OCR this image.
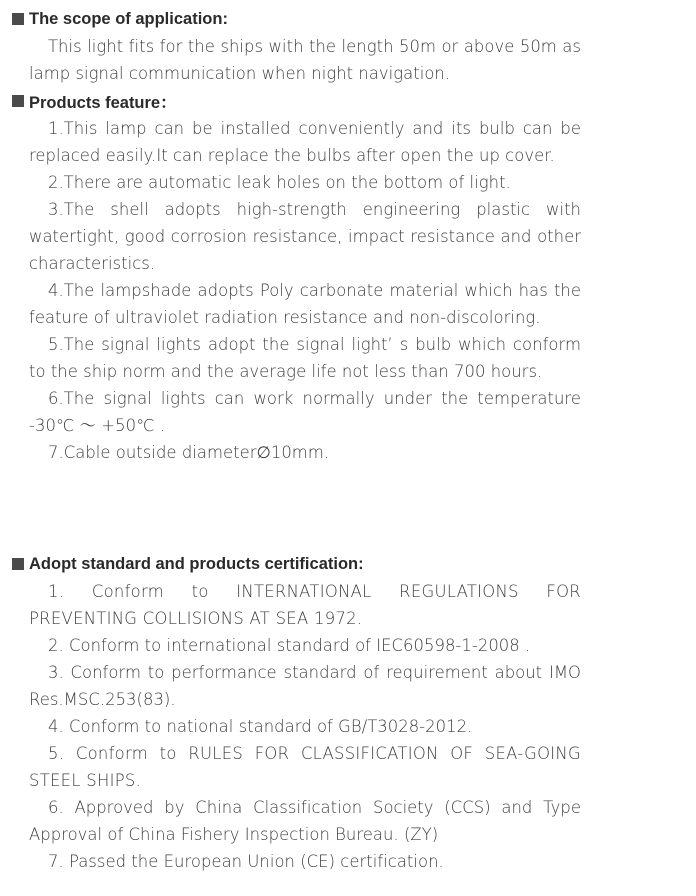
The scope of application:

This light fits for the ships with the length 50m or above 50m as lamp signal communication when night navigation.

Products feature：

1.This lamp can be installed conveniently and its bulb can be replaced easily.It can replace the bulbs after open the up cover.

2.There are automatic leak holes on the bottom of light.

3.The shell adopts high-strength engineering plastic with watertight, good corrosion resistance, impact resistance and other characteristics.

4.The lampshade adopts Poly carbonate material which has the feature of ultraviolet radiation resistance and non-discoloring.

5.The signal lights adopt the signal light’ s bulb which conform to the ship norm and the average life not less than 700 hours.

6.The signal lights can work normally under the temperature -30℃ ～ +50℃ .

7.Cable outside diameter∅10mm.

Adopt standard and products certification:

1. Conform to INTERNATIONAL REGULATIONS FOR PREVENTING COLLISIONS AT SEA 1972.

2. Conform to international standard of IEC60598-1-2008 .

3. Conform to performance standard of requirement about IMO Res.MSC.253(83).

4. Conform to national standard of GB/T3028-2012.

5. Conform to RULES FOR CLASSIFICATION OF SEA-GOING STEEL SHIPS.

6. Approved by China Classification Society (CCS) and Type Approval of China Fishery Inspection Bureau. (ZY)

7. Passed the European Union (CE) certification.
